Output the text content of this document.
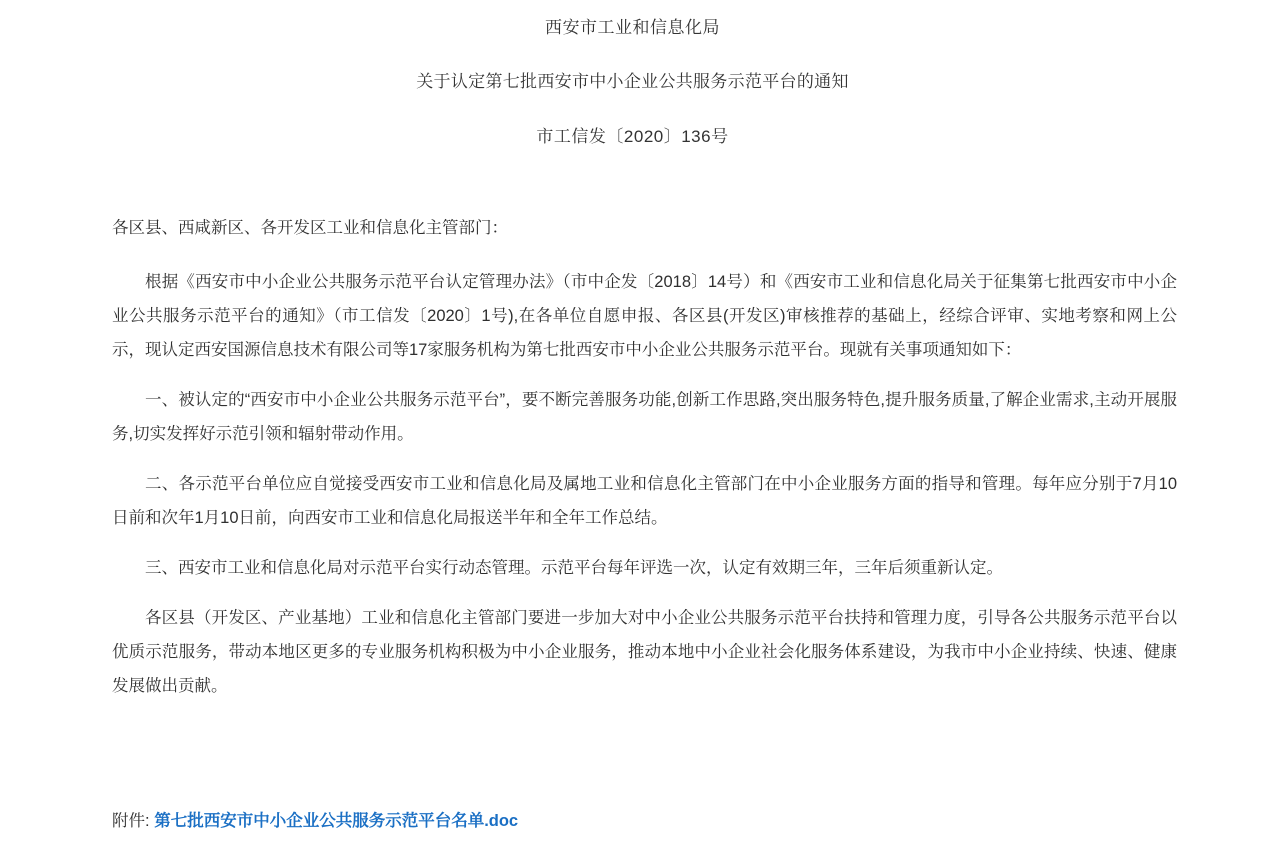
西安市工业和信息化局
关于认定第七批西安市中小企业公共服务示范平台的通知
市工信发〔2020〕136号
各区县、西咸新区、各开发区工业和信息化主管部门：

根据《西安市中小企业公共服务示范平台认定管理办法》（市中企发〔2018〕14号）和《西安市工业和信息化局关于征集第七批西安市中小企业公共服务示范平台的通知》（市工信发〔2020〕1号),在各单位自愿申报、各区县(开发区)审核推荐的基础上，经综合评审、实地考察和网上公示，现认定西安国源信息技术有限公司等17家服务机构为第七批西安市中小企业公共服务示范平台。现就有关事项通知如下：

一、被认定的“西安市中小企业公共服务示范平台”，要不断完善服务功能,创新工作思路,突出服务特色,提升服务质量,了解企业需求,主动开展服务,切实发挥好示范引领和辐射带动作用。

二、各示范平台单位应自觉接受西安市工业和信息化局及属地工业和信息化主管部门在中小企业服务方面的指导和管理。每年应分别于7月10日前和次年1月10日前，向西安市工业和信息化局报送半年和全年工作总结。

三、西安市工业和信息化局对示范平台实行动态管理。示范平台每年评选一次，认定有效期三年，三年后须重新认定。

各区县（开发区、产业基地）工业和信息化主管部门要进一步加大对中小企业公共服务示范平台扶持和管理力度，引导各公共服务示范平台以优质示范服务，带动本地区更多的专业服务机构积极为中小企业服务，推动本地中小企业社会化服务体系建设，为我市中小企业持续、快速、健康发展做出贡献。

附件: 第七批西安市中小企业公共服务示范平台名单.doc
